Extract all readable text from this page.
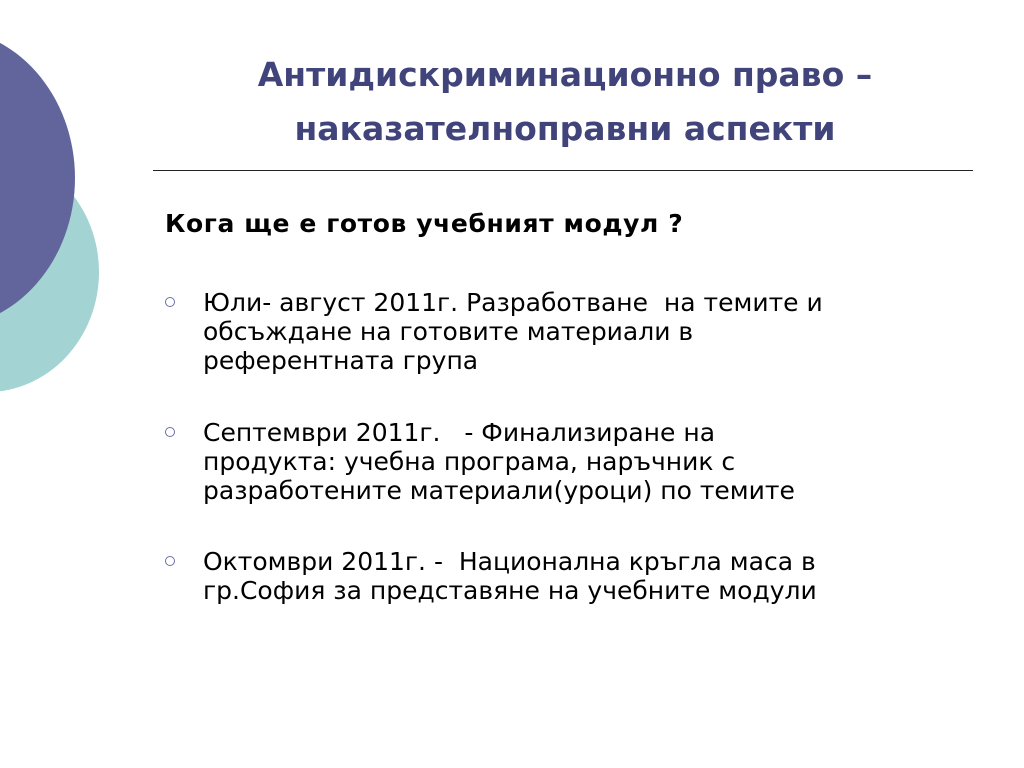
Антидискриминационно право –
наказателноправни аспекти
Кога ще е готов учебният модул ?
Юли- август 2011г. Разработване  на темите и
обсъждане на готовите материали в
референтната група
Септември 2011г.   - Финализиране на
продукта: учебна програма, наръчник с
разработените материали(уроци) по темите
Октомври 2011г. -  Национална кръгла маса в
гр.София за представяне на учебните модули
